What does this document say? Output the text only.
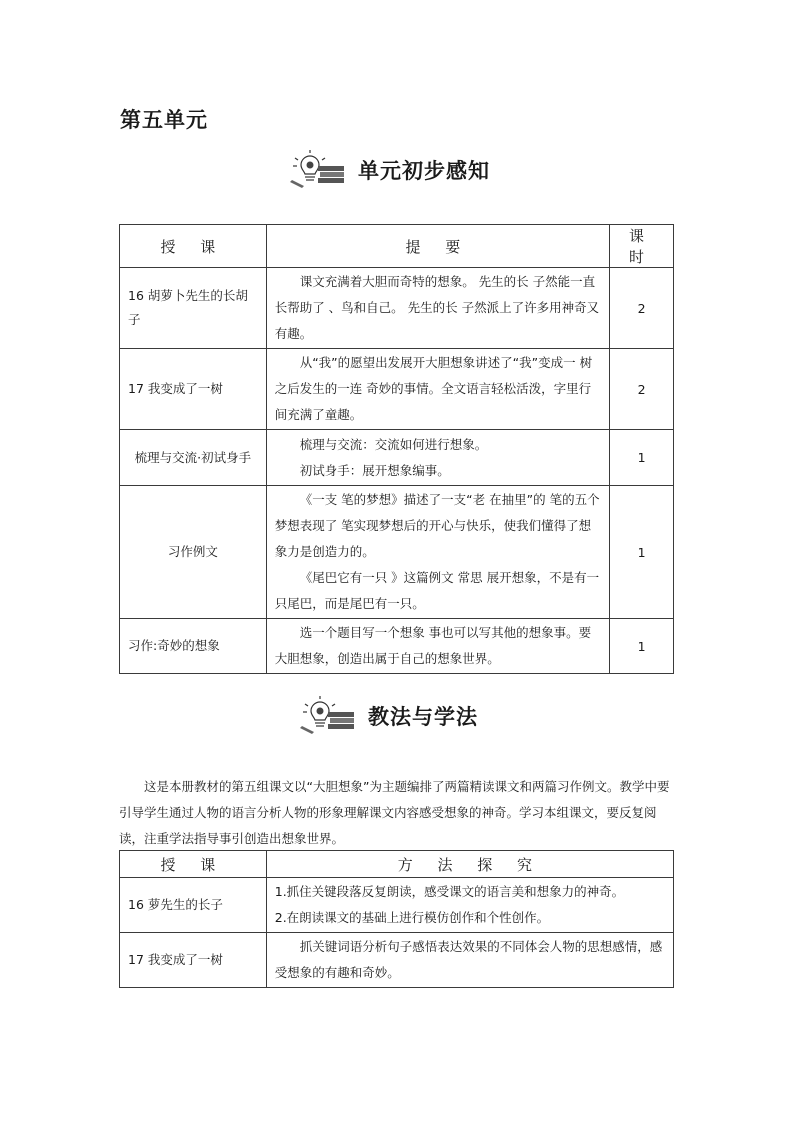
第五单元
单元初步感知
授 课	提 要	课 时
16 胡萝卜先生的长胡子	课文充满着大胆而奇特的想象。 先生的长 子然能一直长帮助了 、鸟和自己。 先生的长 子然派上了许多用神奇又有趣。	2
17 我变成了一树	从“我”的愿望出发展开大胆想象讲述了“我”变成一 树之后发生的一连 奇妙的事情。全文语言轻松活泼，字里行间充满了童趣。	2
梳理与交流·初试身手	梳理与交流：交流如何进行想象。

初试身手：展开想象编事。	1
习作例文	《一支 笔的梦想》描述了一支“老 在抽里”的 笔的五个梦想表现了 笔实现梦想后的开心与快乐，使我们懂得了想象力是创造力的。

《尾巴它有一只 》这篇例文 常思 展开想象，不是有一只尾巴，而是尾巴有一只。	1
习作:奇妙的想象	选一个题目写一个想象 事也可以写其他的想象事。要大胆想象，创造出属于自己的想象世界。	1
教法与学法

这是本册教材的第五组课文以“大胆想象”为主题编排了两篇精读课文和两篇习作例文。教学中要引导学生通过人物的语言分析人物的形象理解课文内容感受想象的神奇。学习本组课文，要反复阅读，注重学法指导事引创造出想象世界。

授 课	方 法 探 究
16 萝先生的长子	1.抓住关键段落反复朗读，感受课文的语言美和想象力的神奇。

2.在朗读课文的基础上进行模仿创作和个性创作。

17 我变成了一树	抓关键词语分析句子感悟表达效果的不同体会人物的思想感情，感受想象的有趣和奇妙。
